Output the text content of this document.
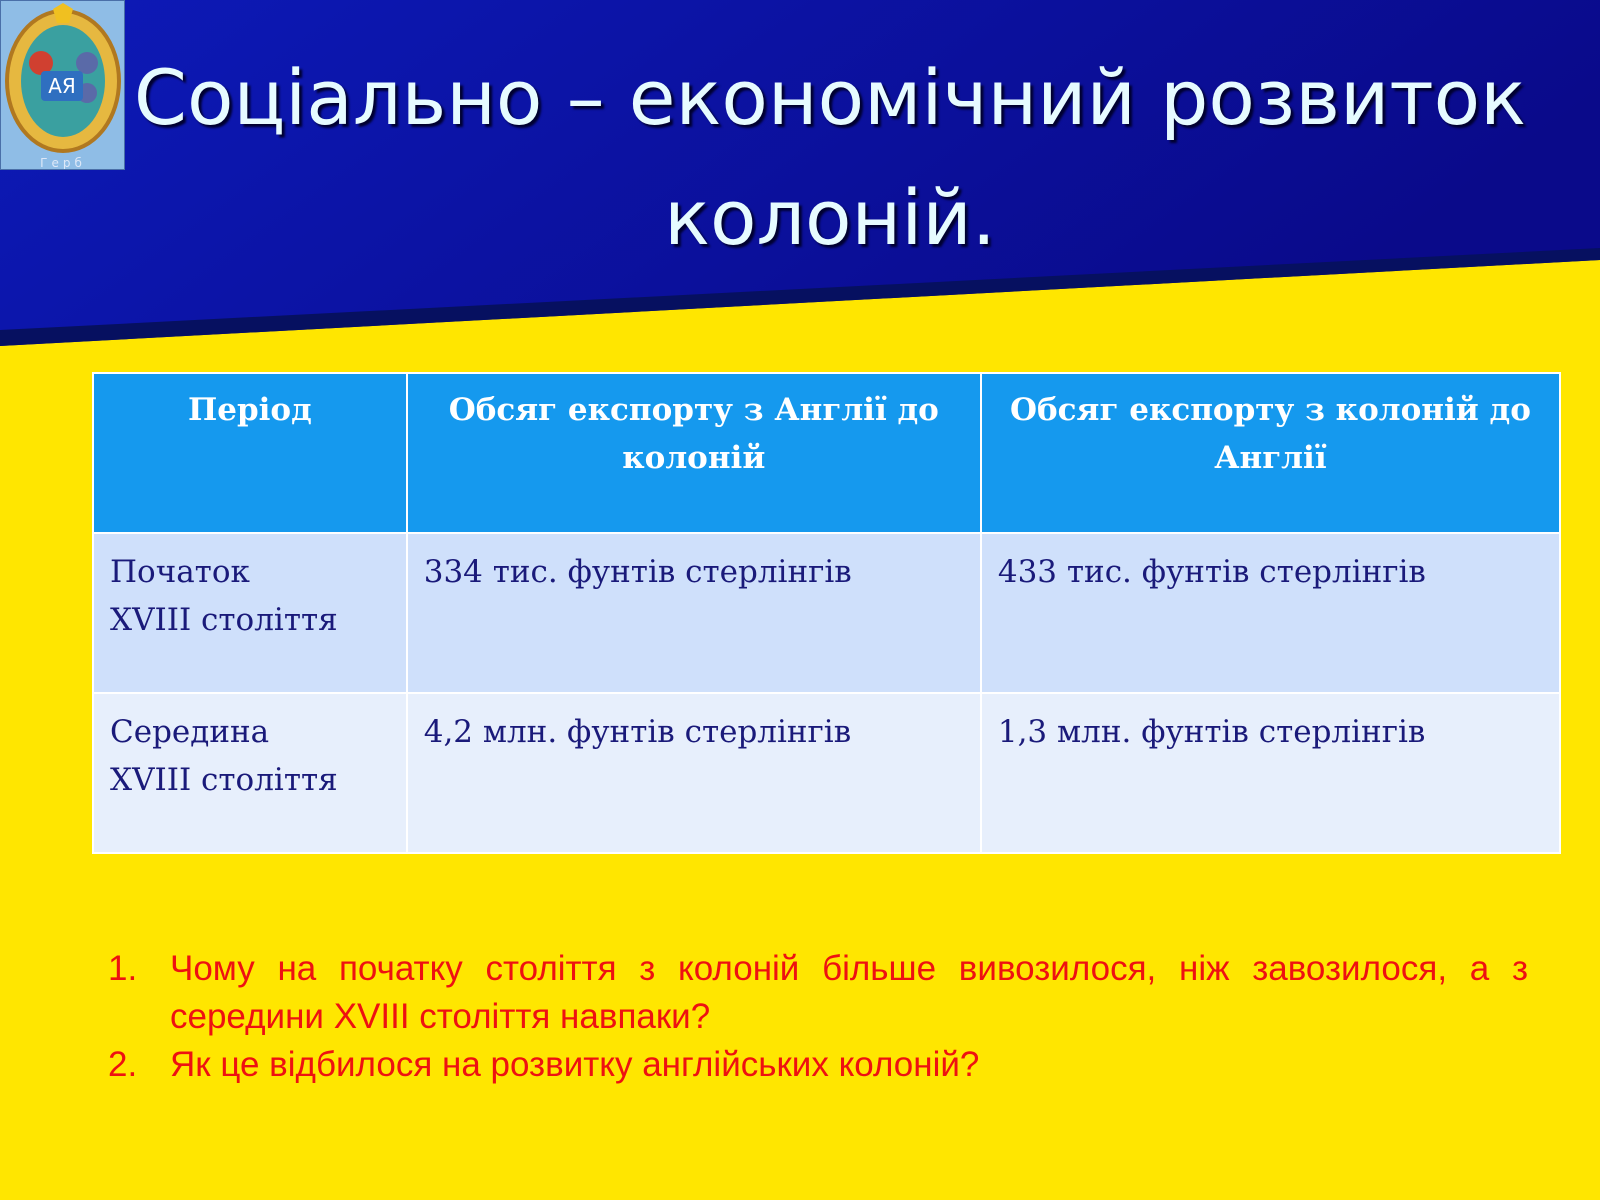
АЯ
Герб
Соціально – економічний розвиток колоній.
Період	Обсяг експорту з Англії до колоній	Обсяг експорту з колоній до Англії
Початок
XVIII століття	334 тис. фунтів стерлінгів	433 тис. фунтів стерлінгів
Середина
XVIII століття	4,2 млн. фунтів стерлінгів	1,3 млн. фунтів стерлінгів
1. Чому на початку століття з колоній більше вивозилося, ніж завозилося, а з середини XVIII століття навпаки?
2. Як це відбилося на розвитку англійських колоній?
